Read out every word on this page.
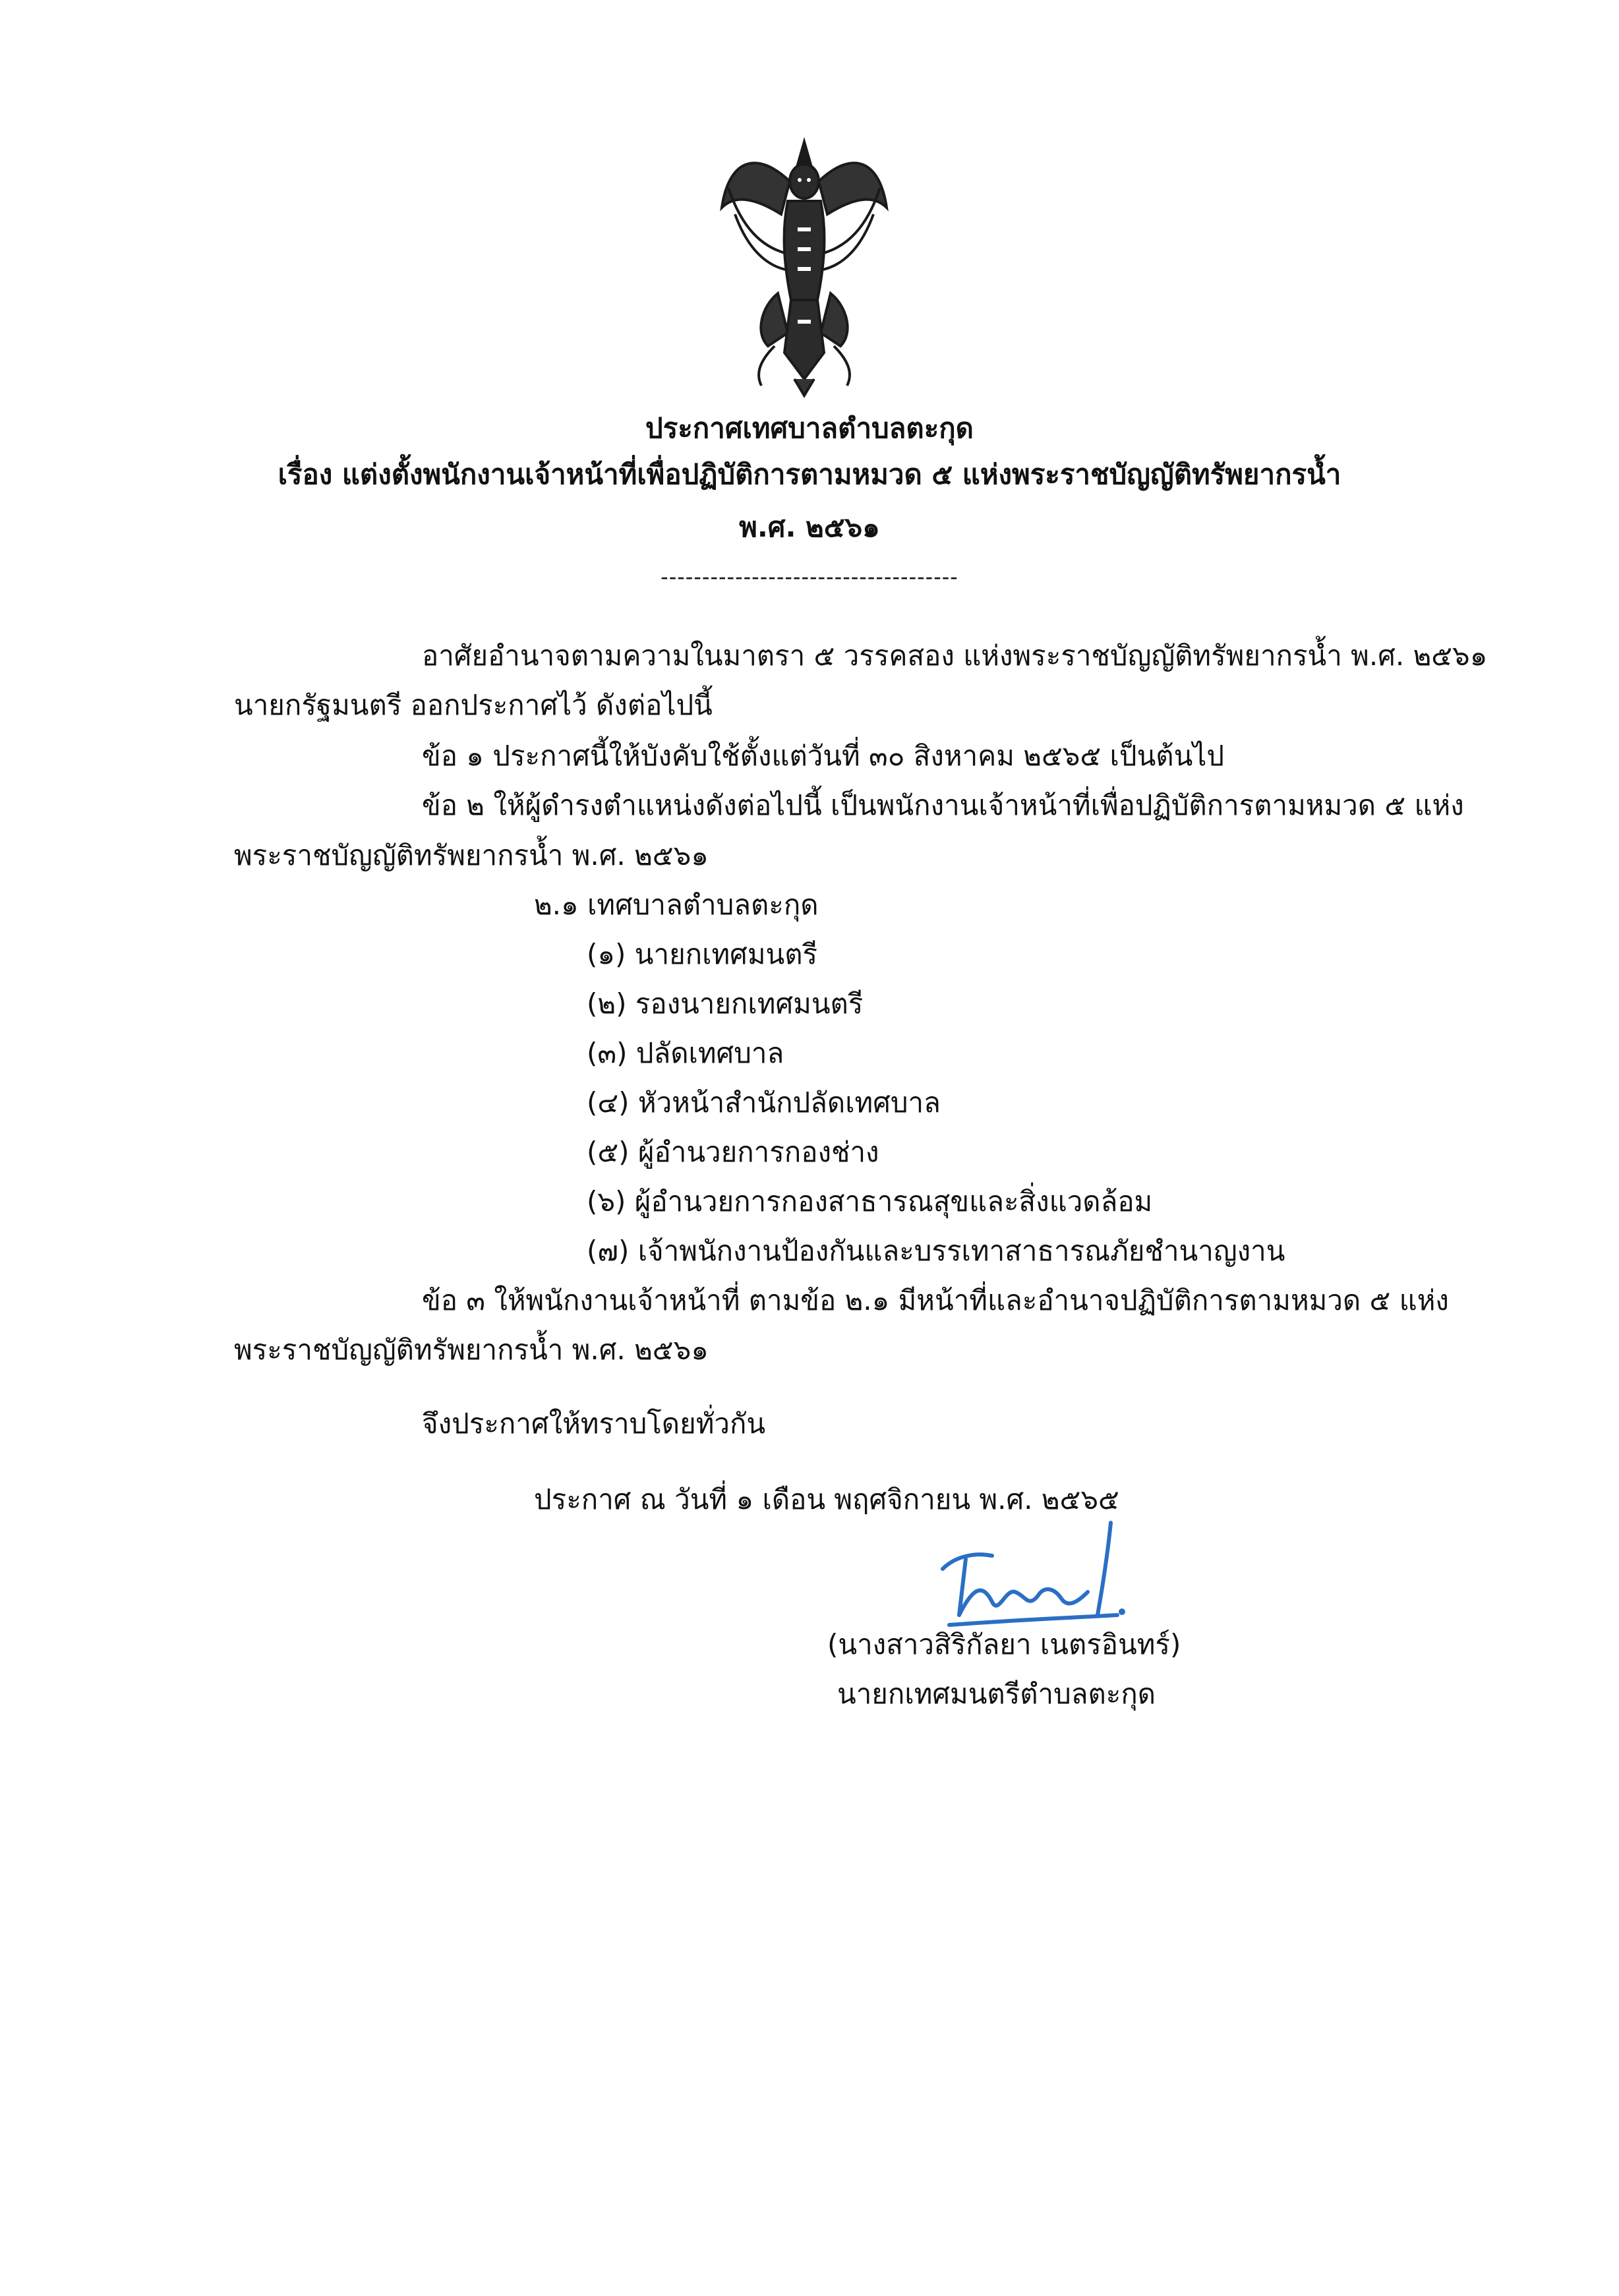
ประกาศเทศบาลตำบลตะกุด
เรื่อง แต่งตั้งพนักงานเจ้าหน้าที่เพื่อปฏิบัติการตามหมวด ๕ แห่งพระราชบัญญัติทรัพยากรน้ำ
พ.ศ. ๒๕๖๑
------------------------------------
อาศัยอำนาจตามความในมาตรา ๕ วรรคสอง แห่งพระราชบัญญัติทรัพยากรน้ำ พ.ศ. ๒๕๖๑
นายกรัฐมนตรี ออกประกาศไว้ ดังต่อไปนี้
ข้อ ๑ ประกาศนี้ให้บังคับใช้ตั้งแต่วันที่ ๓๐ สิงหาคม ๒๕๖๕ เป็นต้นไป
ข้อ ๒ ให้ผู้ดำรงตำแหน่งดังต่อไปนี้ เป็นพนักงานเจ้าหน้าที่เพื่อปฏิบัติการตามหมวด ๕ แห่ง
พระราชบัญญัติทรัพยากรน้ำ พ.ศ. ๒๕๖๑
๒.๑ เทศบาลตำบลตะกุด
(๑) นายกเทศมนตรี
(๒) รองนายกเทศมนตรี
(๓) ปลัดเทศบาล
(๔) หัวหน้าสำนักปลัดเทศบาล
(๕) ผู้อำนวยการกองช่าง
(๖) ผู้อำนวยการกองสาธารณสุขและสิ่งแวดล้อม
(๗) เจ้าพนักงานป้องกันและบรรเทาสาธารณภัยชำนาญงาน
ข้อ ๓ ให้พนักงานเจ้าหน้าที่ ตามข้อ ๒.๑ มีหน้าที่และอำนาจปฏิบัติการตามหมวด ๕ แห่ง
พระราชบัญญัติทรัพยากรน้ำ พ.ศ. ๒๕๖๑
จึงประกาศให้ทราบโดยทั่วกัน
ประกาศ ณ วันที่ ๑ เดือน พฤศจิกายน พ.ศ. ๒๕๖๕
(นางสาวสิริกัลยา เนตรอินทร์)
นายกเทศมนตรีตำบลตะกุด
